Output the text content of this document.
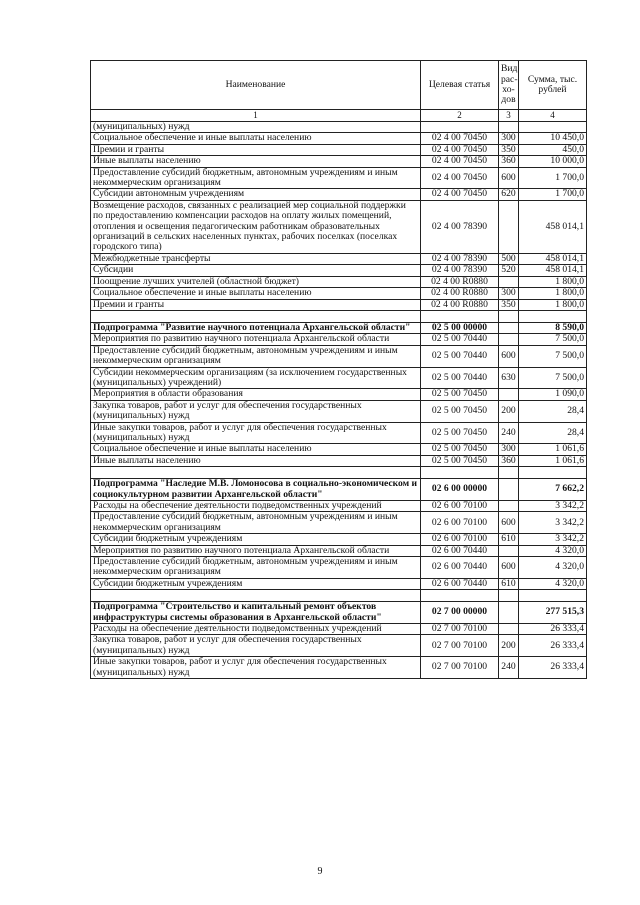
Наименование	Целевая статья	Вид рас- хо- дов	Сумма, тыс. рублей
1	2	3	4
(муниципальных) нужд			
Социальное обеспечение и иные выплаты населению	02 4 00 70450	300	10 450,0
Премии и гранты	02 4 00 70450	350	450,0
Иные выплаты населению	02 4 00 70450	360	10 000,0
Предоставление субсидий бюджетным, автономным учреждениям и иным некоммерческим организациям	02 4 00 70450	600	1 700,0
Субсидии автономным учреждениям	02 4 00 70450	620	1 700,0
Возмещение расходов, связанных с реализацией мер социальной поддержки по предоставлению компенсации расходов на оплату жилых помещений, отопления и освещения педагогическим работникам образовательных организаций в сельских населенных пунктах, рабочих поселках (поселках городского типа)	02 4 00 78390		458 014,1
Межбюджетные трансферты	02 4 00 78390	500	458 014,1
Субсидии	02 4 00 78390	520	458 014,1
Поощрение лучших учителей (областной бюджет)	02 4 00 R0880		1 800,0
Социальное обеспечение и иные выплаты населению	02 4 00 R0880	300	1 800,0
Премии и гранты	02 4 00 R0880	350	1 800,0

Подпрограмма "Развитие научного потенциала Архангельской области"	02 5 00 00000		8 590,0
Мероприятия по развитию научного потенциала Архангельской области	02 5 00 70440		7 500,0
Предоставление субсидий бюджетным, автономным учреждениям и иным некоммерческим организациям	02 5 00 70440	600	7 500,0
Субсидии некоммерческим организациям (за исключением государственных (муниципальных) учреждений)	02 5 00 70440	630	7 500,0
Мероприятия в области образования	02 5 00 70450		1 090,0
Закупка товаров, работ и услуг для обеспечения государственных (муниципальных) нужд	02 5 00 70450	200	28,4
Иные закупки товаров, работ и услуг для обеспечения государственных (муниципальных) нужд	02 5 00 70450	240	28,4
Социальное обеспечение и иные выплаты населению	02 5 00 70450	300	1 061,6
Иные выплаты населению	02 5 00 70450	360	1 061,6

Подпрограмма "Наследие М.В. Ломоносова в социально-экономическом и социокультурном развитии Архангельской области"	02 6 00 00000		7 662,2
Расходы на обеспечение деятельности подведомственных учреждений	02 6 00 70100		3 342,2
Предоставление субсидий бюджетным, автономным учреждениям и иным некоммерческим организациям	02 6 00 70100	600	3 342,2
Субсидии бюджетным учреждениям	02 6 00 70100	610	3 342,2
Мероприятия по развитию научного потенциала Архангельской области	02 6 00 70440		4 320,0
Предоставление субсидий бюджетным, автономным учреждениям и иным некоммерческим организациям	02 6 00 70440	600	4 320,0
Субсидии бюджетным учреждениям	02 6 00 70440	610	4 320,0

Подпрограмма "Строительство и капитальный ремонт объектов инфраструктуры системы образования в Архангельской области"	02 7 00 00000		277 515,3
Расходы на обеспечение деятельности подведомственных учреждений	02 7 00 70100		26 333,4
Закупка товаров, работ и услуг для обеспечения государственных (муниципальных) нужд	02 7 00 70100	200	26 333,4
Иные закупки товаров, работ и услуг для обеспечения государственных (муниципальных) нужд	02 7 00 70100	240	26 333,4
9
